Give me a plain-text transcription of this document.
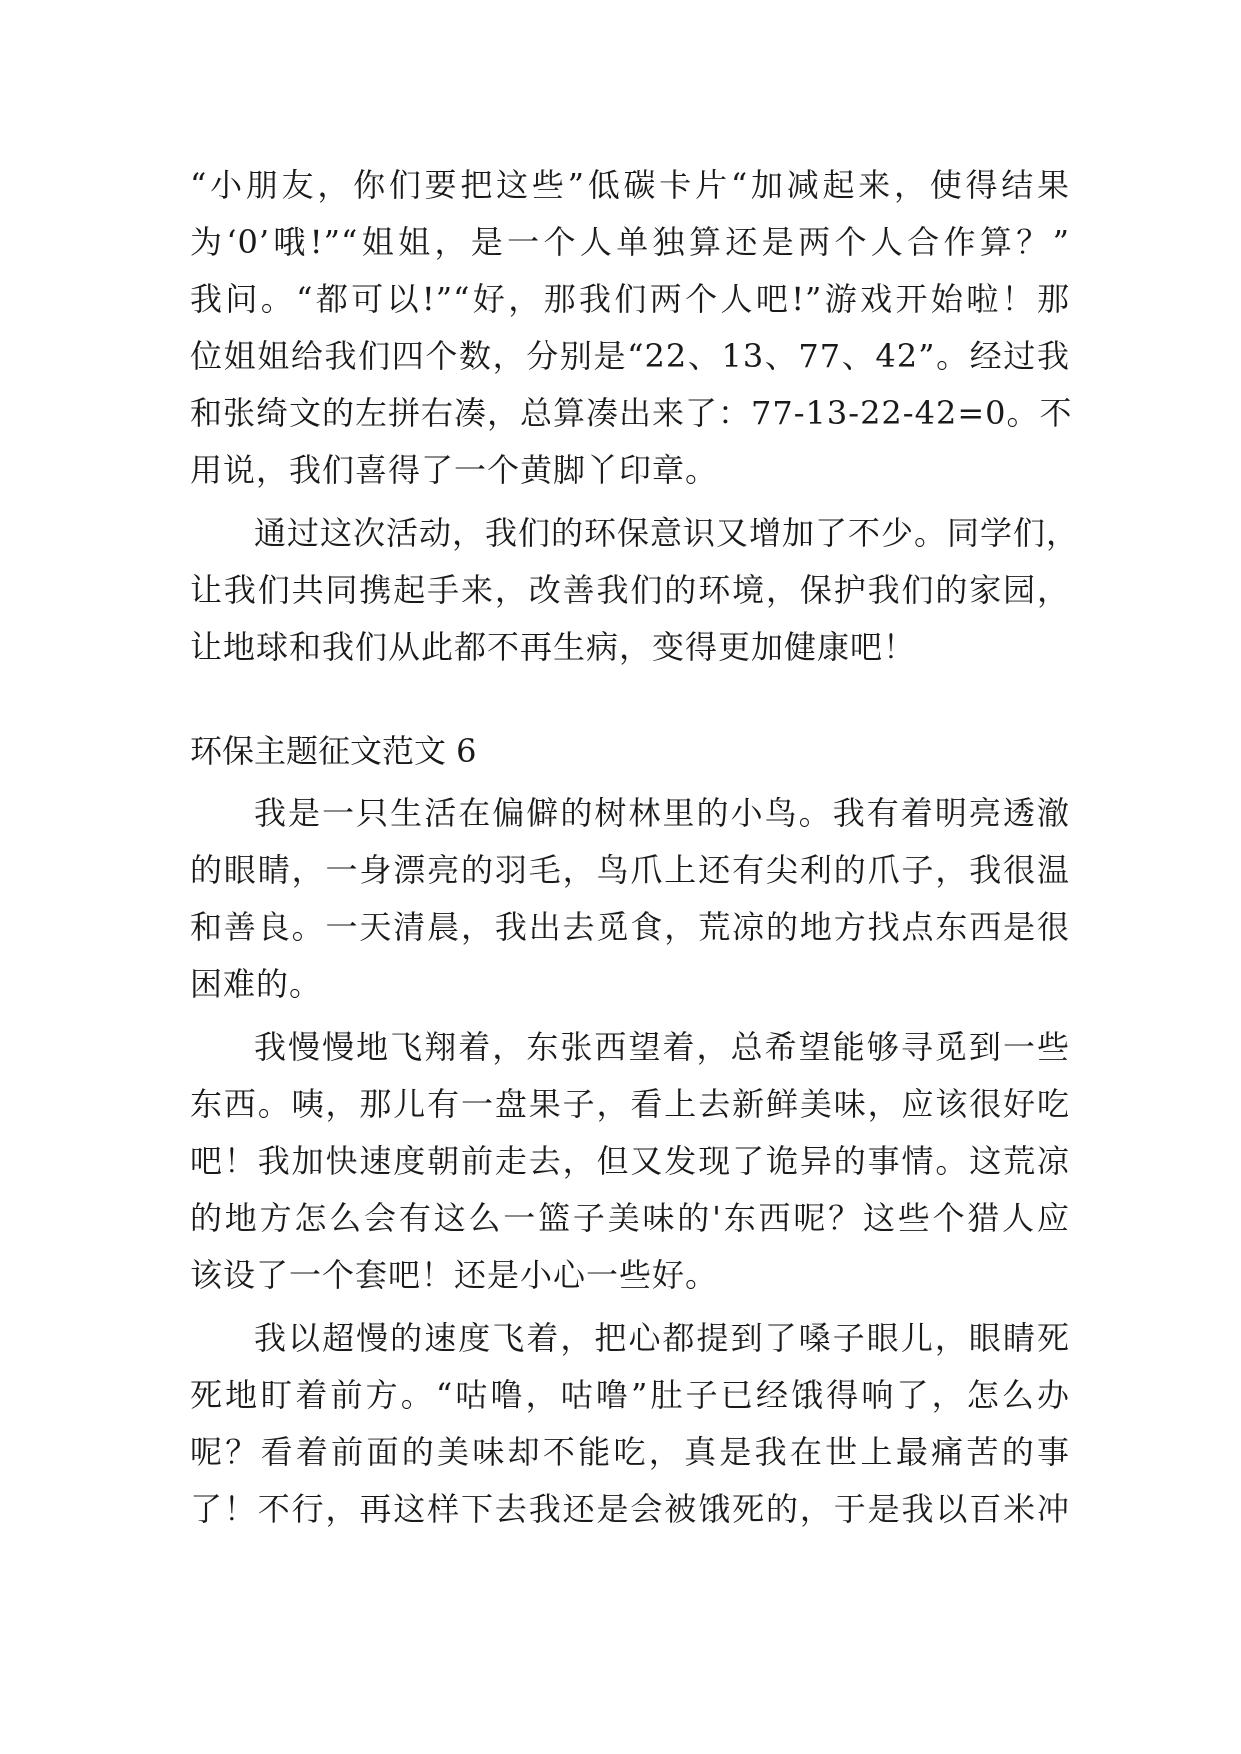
“小朋友，你们要把这些”低碳卡片“加减起来，使得结果
为‘0’哦!”“姐姐，是一个人单独算还是两个人合作算？”
我问。“都可以!”“好，那我们两个人吧!”游戏开始啦！那
位姐姐给我们四个数，分别是“22、13、77、42”。经过我
和张绮文的左拼右凑，总算凑出来了：77-13-22-42=0。不
用说，我们喜得了一个黄脚丫印章。
通过这次活动，我们的环保意识又增加了不少。同学们，
让我们共同携起手来，改善我们的环境，保护我们的家园，
让地球和我们从此都不再生病，变得更加健康吧！
环保主题征文范文 6
我是一只生活在偏僻的树林里的小鸟。我有着明亮透澈
的眼睛，一身漂亮的羽毛，鸟爪上还有尖利的爪子，我很温
和善良。一天清晨，我出去觅食，荒凉的地方找点东西是很
困难的。
我慢慢地飞翔着，东张西望着，总希望能够寻觅到一些
东西。咦，那儿有一盘果子，看上去新鲜美味，应该很好吃
吧！我加快速度朝前走去，但又发现了诡异的事情。这荒凉
的地方怎么会有这么一篮子美味的'东西呢？这些个猎人应
该设了一个套吧！还是小心一些好。
我以超慢的速度飞着，把心都提到了嗓子眼儿，眼睛死
死地盯着前方。“咕噜，咕噜”肚子已经饿得响了，怎么办
呢？看着前面的美味却不能吃，真是我在世上最痛苦的事
了！不行，再这样下去我还是会被饿死的，于是我以百米冲
